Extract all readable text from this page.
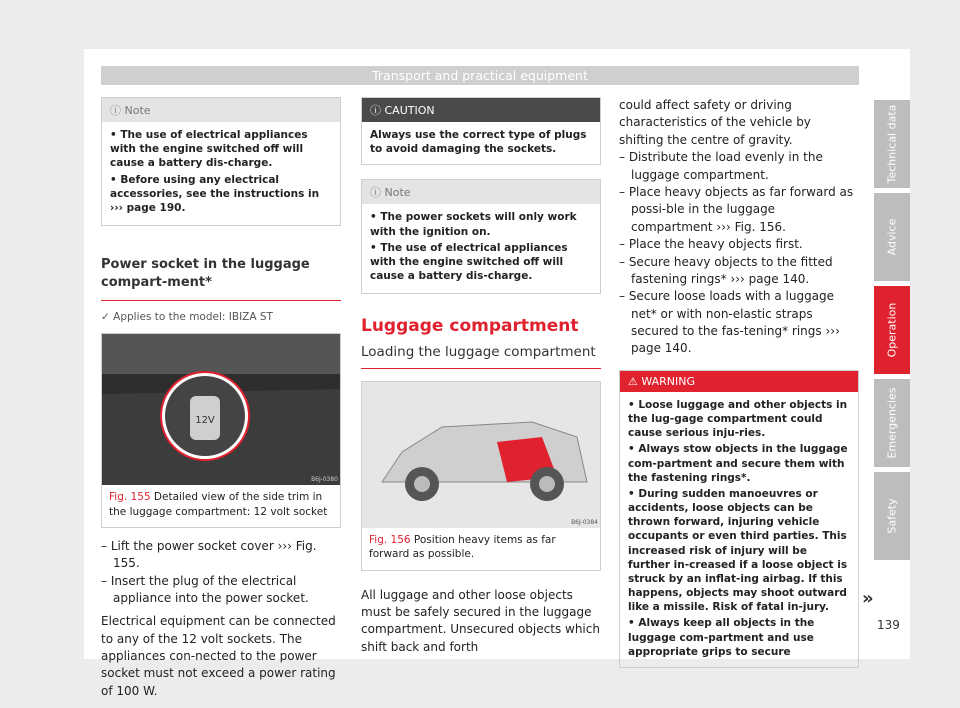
Transport and practical equipment
ⓘ Note

• The use of electrical appliances with the engine switched off will cause a battery dis-charge.

• Before using any electrical accessories, see the instructions in ››› page 190.

Power socket in the luggage compart-ment*
✓ Applies to the model: IBIZA ST
12V
B6J-0380
Fig. 155 Detailed view of the side trim in the luggage compartment: 12 volt socket

– Lift the power socket cover ››› Fig. 155.

– Insert the plug of the electrical appliance into the power socket.

Electrical equipment can be connected to any of the 12 volt sockets. The appliances con-nected to the power socket must not exceed a power rating of 100 W.

ⓘ CAUTION
Always use the correct type of plugs to avoid damaging the sockets.
ⓘ Note

• The power sockets will only work with the ignition on.

• The use of electrical appliances with the engine switched off will cause a battery dis-charge.

Luggage compartment
Loading the luggage compartment
B6J-0384
Fig. 156 Position heavy items as far forward as possible.

All luggage and other loose objects must be safely secured in the luggage compartment. Unsecured objects which shift back and forth

could affect safety or driving characteristics of the vehicle by shifting the centre of gravity.

– Distribute the load evenly in the luggage compartment.

– Place heavy objects as far forward as possi-ble in the luggage compartment ››› Fig. 156.

– Place the heavy objects first.

– Secure heavy objects to the fitted fastening rings* ››› page 140.

– Secure loose loads with a luggage net* or with non-elastic straps secured to the fas-tening* rings ››› page 140.

⚠ WARNING

• Loose luggage and other objects in the lug-gage compartment could cause serious inju-ries.

• Always stow objects in the luggage com-partment and secure them with the fastening rings*.

• During sudden manoeuvres or accidents, loose objects can be thrown forward, injuring vehicle occupants or even third parties. This increased risk of injury will be further in-creased if a loose object is struck by an inflat-ing airbag. If this happens, objects may shoot outward like a missile. Risk of fatal in-jury.

• Always keep all objects in the luggage com-partment and use appropriate grips to secure

Technical data
Advice
Operation
Emergencies
Safety
»
139
